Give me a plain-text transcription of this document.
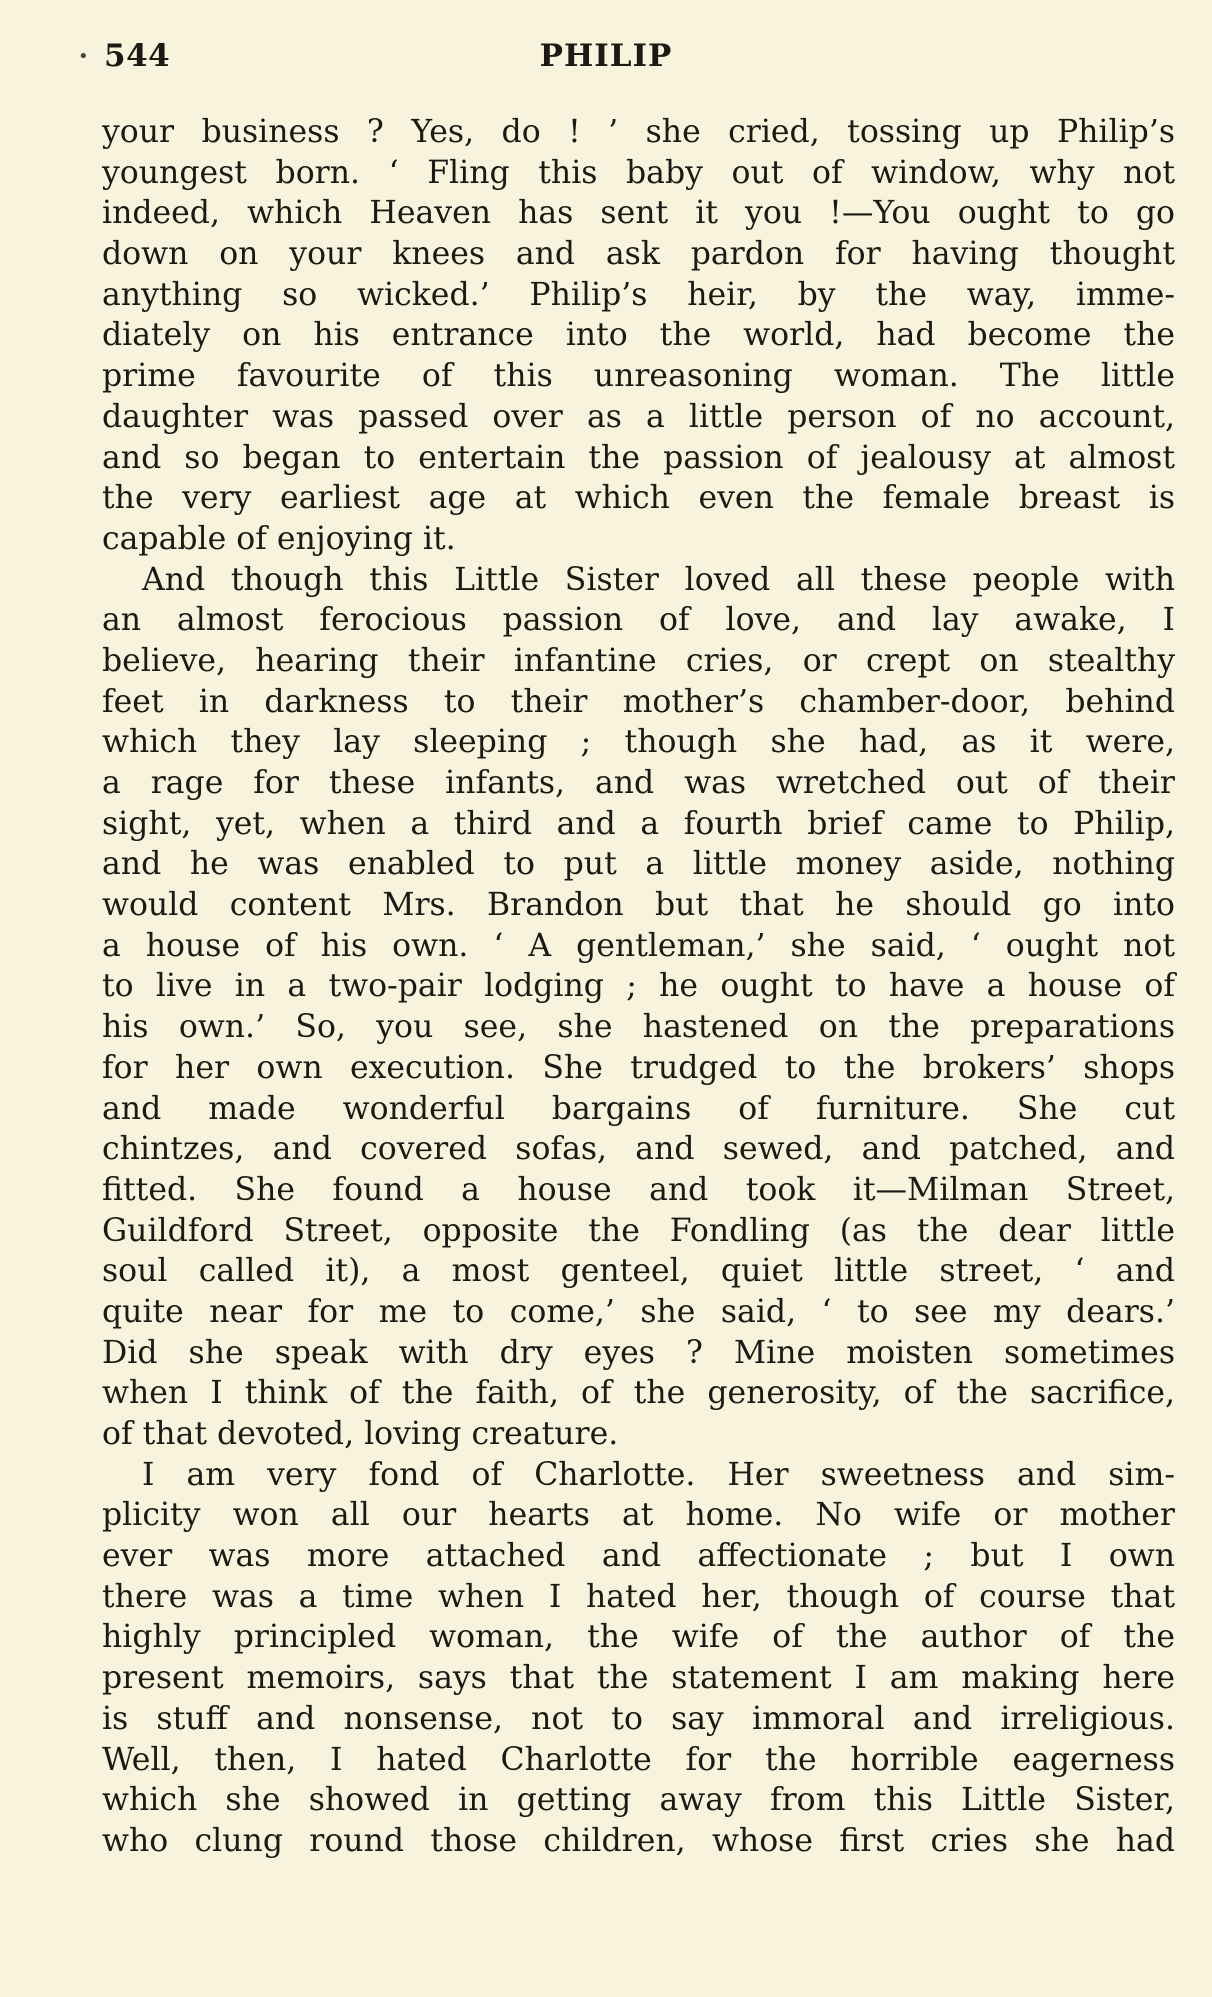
• 544	PHILIP
your business ? Yes, do ! ’ she cried, tossing up Philip’s
youngest born. ‘ Fling this baby out of window, why not
indeed, which Heaven has sent it you !—You ought to go
down on your knees and ask pardon for having thought
anything so wicked.’ Philip’s heir, by the way, imme-
diately on his entrance into the world, had become the
prime favourite of this unreasoning woman. The little
daughter was passed over as a little person of no account,
and so began to entertain the passion of jealousy at almost
the very earliest age at which even the female breast is
capable of enjoying it.
And though this Little Sister loved all these people with
an almost ferocious passion of love, and lay awake, I
believe, hearing their infantine cries, or crept on stealthy
feet in darkness to their mother’s chamber-door, behind
which they lay sleeping ; though she had, as it were,
a rage for these infants, and was wretched out of their
sight, yet, when a third and a fourth brief came to Philip,
and he was enabled to put a little money aside, nothing
would content Mrs. Brandon but that he should go into
a house of his own. ‘ A gentleman,’ she said, ‘ ought not
to live in a two-pair lodging ; he ought to have a house of
his own.’ So, you see, she hastened on the preparations
for her own execution. She trudged to the brokers’ shops
and made wonderful bargains of furniture. She cut
chintzes, and covered sofas, and sewed, and patched, and
fitted. She found a house and took it—Milman Street,
Guildford Street, opposite the Fondling (as the dear little
soul called it), a most genteel, quiet little street, ‘ and
quite near for me to come,’ she said, ‘ to see my dears.’
Did she speak with dry eyes ? Mine moisten sometimes
when I think of the faith, of the generosity, of the sacrifice,
of that devoted, loving creature.
I am very fond of Charlotte. Her sweetness and sim-
plicity won all our hearts at home. No wife or mother
ever was more attached and affectionate ; but I own
there was a time when I hated her, though of course that
highly principled woman, the wife of the author of the
present memoirs, says that the statement I am making here
is stuff and nonsense, not to say immoral and irreligious.
Well, then, I hated Charlotte for the horrible eagerness
which she showed in getting away from this Little Sister,
who clung round those children, whose first cries she had
